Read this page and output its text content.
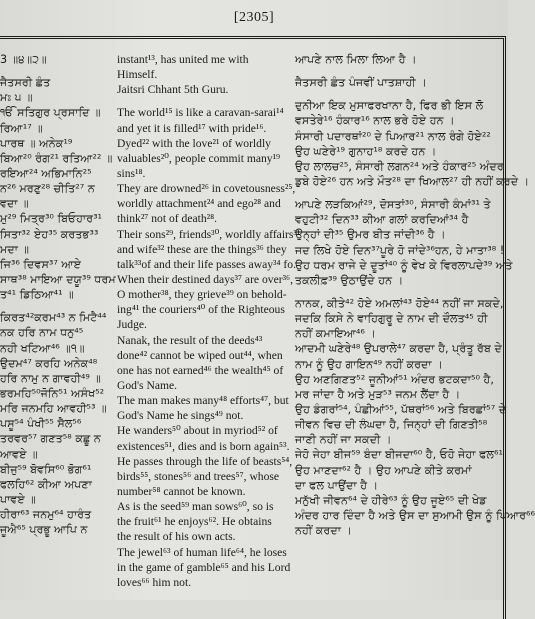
[2305]
3 ॥੪॥੨॥
ਜੈਤਸਰੀ ਛੰਤ
ਮਃ ੫ ॥
ੴ ਸਤਿਗੁਰ ਪ੍ਰਸਾਦਿ ॥
ਰਿਆ¹⁷ ॥
ਪਾਰਥ ॥ ਅਨੇਕ¹⁹
ਬਿਆ²⁰ ਰੰਗ²¹ ਰਤਿਆ²² ॥
ਰਇਆ²⁴ ਅਭਿਮਾਨਿ²⁵
ਨ²⁶ ਮਰਣੁ²⁸ ਚੀਤਿ²⁷ ਨ
ਵਦਾ ॥
ਮੁ²⁹ ਮਿਤ੍ਰ³⁰ ਬਿਓਹਾਰ³¹
ਸਿਤਾ³² ਏਹ³⁵ ਕਰਤਭ³³
ਮਦਾ ॥
ਜਿ³⁶ ਦਿਵਸ³⁷ ਆਏ
ਸਾਥ³⁸ ਮਾਇਆ ਦਯੂ³⁹ ਧਰਮ
ਤ⁴¹ ਡਿਠਿਆ⁴¹ ॥
ਕਿਰਤ⁴²ਕਰਮ⁴³ ਨ ਮਿਟੈ⁴⁴
ਨਕ ਹਰਿ ਨਾਮ ਧਨੁ⁴⁵
ਨਹੀ ਖਟਿਆ⁴⁶ ॥੧॥
ਉਦਮ⁴⁷ ਕਰਹਿ ਅਨੇਕ⁴⁸
ਹਰਿ ਨਾਮੁ ਨ ਗਾਵਹੀ⁴⁹ ॥
ਭਰਮਹਿ⁵⁰ਜੋਨਿ⁵¹ ਅਸੰਖ⁵²
ਮਰਿ ਜਨਮਹਿ ਆਵਹੀ⁵³ ॥
ਪਸੂ⁵⁴ ਪੰਖੀ⁵⁵ ਸੈਲ⁵⁶
ਤਰਵਰ⁵⁷ ਗਣਤ⁵⁸ ਕਛੂ ਨ
ਆਵਏ ॥
ਬੀਜੁ⁵⁹ ਬੋਵਸਿ⁶⁰ ਭੋਗ⁶¹
ਫਲਹਿ⁶² ਕੀਆ ਅਪਣਾ
ਪਾਵਏ ॥
ਹੀਰਾ⁶³ ਜਨਮੁ⁶⁴ ਹਾਰੰਤ
ਜੂਐ⁶⁵ ਪ੍ਰਭੂ ਆਪਿ ਨ
instant¹³, has united me with
Himself.
Jaitsri Chhant 5th Guru.
The world¹⁵ is like a caravan-sarai¹⁴
and yet it is filled¹⁷ with pride¹⁶.
Dyed²² with the love²¹ of worldly
valuables²⁰, people commit many¹⁹
sins¹⁸.
They are drowned²⁶ in covetousness²⁵,
worldly attachment²⁴ and ego²⁸ and
think²⁷ not of death²⁸.
Their sons²⁹, friends³⁰, worldly affairs³¹
and wife³² these are the things³⁶ they
talk³³of and their life passes away³⁴ fo.
When their destined days³⁷ are over³⁶,
O mother³⁸, they grieve³⁹ on behold-
ing⁴¹ the couriers⁴⁰ of the Righteous
Judge.
Nanak, the result of the deeds⁴³
done⁴² cannot be wiped out⁴⁴, when
one has not earned⁴⁶ the wealth⁴⁵ of
God's Name.
The man makes many⁴⁸ efforts⁴⁷, but
God's Name he sings⁴⁹ not.
He wanders⁵⁰ about in myriod⁵² of
existences⁵¹, dies and is born again⁵³.
He passes through the life of beasts⁵⁴,
birds⁵⁵, stones⁵⁶ and trees⁵⁷, whose
number⁵⁸ cannot be known.
As is the seed⁵⁹ man sows⁶⁰, so is
the fruit⁶¹ he enjoys⁶². He obtains
the result of his own acts.
The jewel⁶³ of human life⁶⁴, he loses
in the game of gamble⁶⁵ and his Lord
loves⁶⁶ him not.
ਆਪਣੇ ਨਾਲ ਮਿਲਾ ਲਿਆ ਹੈ ।
ਜੈਤਸਰੀ ਛੰਤ ਪੰਜਵੀਂ ਪਾਤਸ਼ਾਹੀ ।
ਦੁਨੀਆ ਇਕ ਮੁਸਾਫਰਖਾਨਾ ਹੈ, ਫਿਰ ਭੀ ਇਸ ਲੋ
ਵਸਤੇਰੇ¹⁶ ਹੰਕਾਰ¹⁶ ਨਾਲ ਭਰੇ ਹੋਏ ਹਨ ।
ਸੰਸਾਰੀ ਪਦਾਰਥਾਂ²⁰ ਦੇ ਪਿਆਰ²¹ ਨਾਲ ਰੰਗੇ ਹੋਏ²²
ਉਹ ਘਣੇਰੇ¹⁹ ਗੁਨਾਹ¹⁸ ਕਰਦੇ ਹਨ ।
ਉਹ ਲਾਲਚ²⁵, ਸੰਸਾਰੀ ਲਗਨ²⁴ ਅਤੇ ਹੰਕਾਰ²⁵ ਅੰਦਰ
ਡੁਬੇ ਹੋਏ²⁶ ਹਨ ਅਤੇ ਮੌਤ²⁸ ਦਾ ਖਿਆਲ²⁷ ਹੀ ਨਹੀਂ ਕਰਦੇ ।
ਆਪਣੇ ਲੜਕਿਆਂ²⁹, ਦੋਸਤਾਂ³⁰, ਸੰਸਾਰੀ ਕੰਮਾਂ³¹ ਤੇ
ਵਹੁਟੀ³² ਦਿਨ³³ ਕੀਆ ਗਲਾਂ ਕਰਦਿਆਂ³⁴ ਹੈ
ਉਨ੍ਹਾਂ ਦੀ³⁵ ਉਮਰ ਬੀਤ ਜਾਂਦੀ³⁶ ਹੈ ।
ਜਦ ਲਿਖੇ ਹੋਏ ਦਿਨ³⁷ਪੂਰੇ ਹੋ ਜਾਂਦੇ³⁶ਹਨ, ਹੇ ਮਾਤਾ³⁸ !
ਉਹ ਧਰਮ ਰਾਜੇ ਦੇ ਦੂਤਾਂ⁴⁰ ਨੂੰ ਵੇਖ ਕੇ ਵਿਰਲਾਪਦੇ³⁹ ਅਤੇ
ਤਕਲੀਫ਼³⁹ ਉਠਾਉਂਦੇ ਹਨ ।
ਨਾਨਕ, ਕੀਤੇ⁴² ਹੋਏ ਅਮਲਾਂ⁴³ ਹੋਏ⁴⁴ ਨਹੀਂ ਜਾ ਸਕਦੇ,
ਜਦਕਿ ਕਿਸੇ ਨੇ ਵਾਹਿਗੁਰੂ ਦੇ ਨਾਮ ਦੀ ਦੌਲਤ⁴⁵ ਹੀ
ਨਹੀਂ ਕਮਾਇਆ⁴⁶ ।
ਆਦਮੀ ਘਣੇਰੇ⁴⁸ ਉਪਰਾਲੇ⁴⁷ ਕਰਦਾ ਹੈ, ਪ੍ਰੰਤੂ ਰੱਬ ਦੇ
ਨਾਮ ਨੂੰ ਉਹ ਗਾਇਨ⁴⁹ ਨਹੀਂ ਕਰਦਾ ।
ਉਹ ਅਣਗਿਣਤ⁵² ਜੂਨੀਆਂ⁵¹ ਅੰਦਰ ਭਟਕਦਾ⁵⁰ ਹੈ,
ਮਰ ਜਾਂਦਾ ਹੈ ਅਤੇ ਮੁੜ⁵³ ਜਨਮ ਲੈਂਦਾ ਹੈ ।
ਉਹ ਡੰਗਰਾਂ⁵⁴, ਪੰਛੀਆਂ⁵⁵, ਪੱਥਰਾਂ⁵⁶ ਅਤੇ ਬਿਰਛਾਂ⁵⁷ ਦੇ
ਜੀਵਨ ਵਿਚ ਦੀ ਲੰਘਦਾ ਹੈ, ਜਿਨ੍ਹਾਂ ਦੀ ਗਿਣਤੀ⁵⁸
ਜਾਣੀ ਨਹੀਂ ਜਾ ਸਕਦੀ ।
ਜੇਹੋ ਜੇਹਾ ਬੀਜ⁵⁹ ਬੰਦਾ ਬੀਜਦਾ⁶⁰ ਹੈ, ਓਹੋ ਜੇਹਾ ਫਲ⁶¹
ਉਹ ਮਾਣਦਾ⁶² ਹੈ । ਉਹ ਆਪਣੇ ਕੀਤੇ ਕਰਮਾਂ
ਦਾ ਫਲ ਪਾਉਂਦਾ ਹੈ ।
ਮਨੁੱਖੀ ਜੀਵਨ⁶⁴ ਦੇ ਹੀਰੇ⁶³ ਨੂੰ ਉਹ ਜੂਏ⁶⁵ ਦੀ ਖੇਡ
ਅੰਦਰ ਹਾਰ ਦਿੰਦਾ ਹੈ ਅਤੇ ਉਸ ਦਾ ਸੁਆਮੀ ਉਸ ਨੂੰ ਪਿਆਰ⁶⁶
ਨਹੀਂ ਕਰਦਾ ।
